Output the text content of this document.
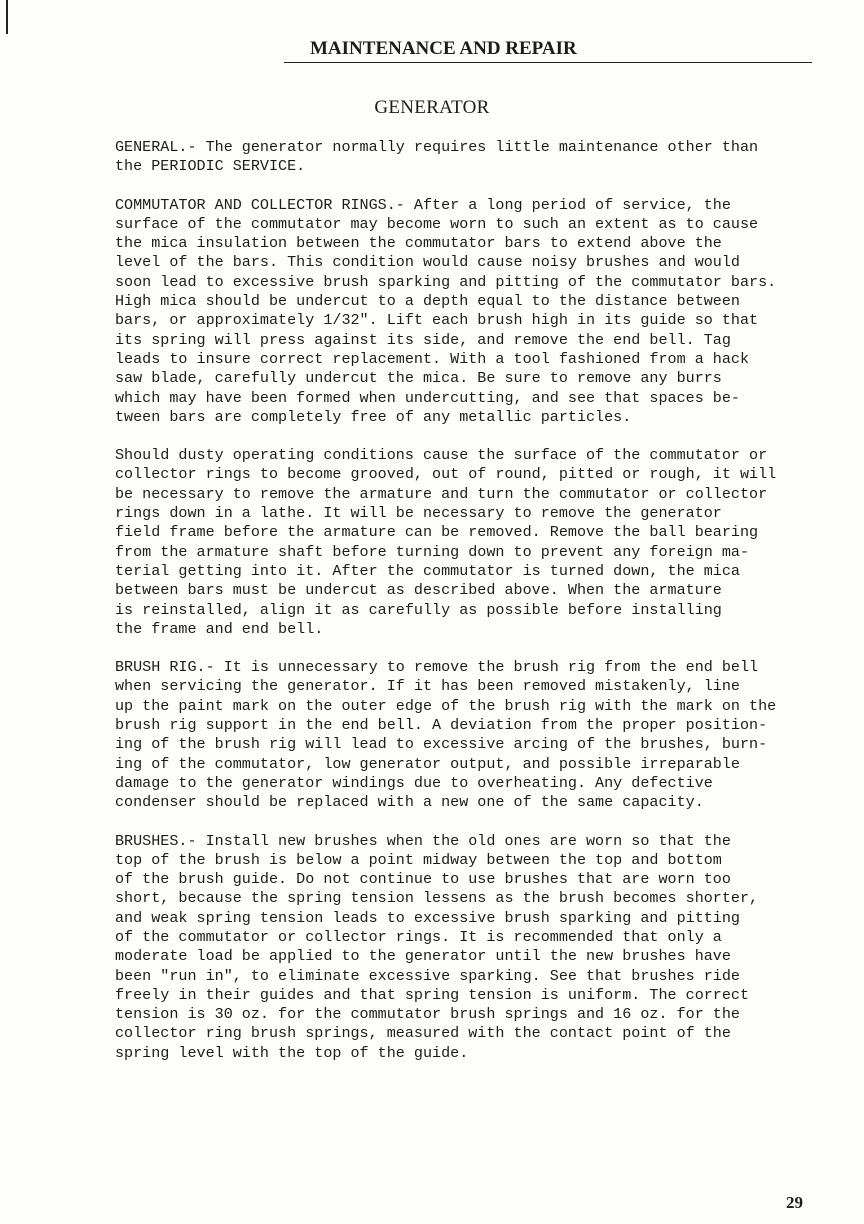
MAINTENANCE AND REPAIR
GENERATOR
GENERAL.- The generator normally requires little maintenance other than
the PERIODIC SERVICE.
COMMUTATOR AND COLLECTOR RINGS.- After a long period of service, the
surface of the commutator may become worn to such an extent as to cause
the mica insulation between the commutator bars to extend above the
level of the bars. This condition would cause noisy brushes and would
soon lead to excessive brush sparking and pitting of the commutator bars.
High mica should be undercut to a depth equal to the distance between
bars, or approximately 1/32". Lift each brush high in its guide so that
its spring will press against its side, and remove the end bell. Tag
leads to insure correct replacement. With a tool fashioned from a hack
saw blade, carefully undercut the mica. Be sure to remove any burrs
which may have been formed when undercutting, and see that spaces be-
tween bars are completely free of any metallic particles.
Should dusty operating conditions cause the surface of the commutator or
collector rings to become grooved, out of round, pitted or rough, it will
be necessary to remove the armature and turn the commutator or collector
rings down in a lathe. It will be necessary to remove the generator
field frame before the armature can be removed. Remove the ball bearing
from the armature shaft before turning down to prevent any foreign ma-
terial getting into it. After the commutator is turned down, the mica
between bars must be undercut as described above. When the armature
is reinstalled, align it as carefully as possible before installing
the frame and end bell.
BRUSH RIG.- It is unnecessary to remove the brush rig from the end bell
when servicing the generator. If it has been removed mistakenly, line
up the paint mark on the outer edge of the brush rig with the mark on the
brush rig support in the end bell. A deviation from the proper position-
ing of the brush rig will lead to excessive arcing of the brushes, burn-
ing of the commutator, low generator output, and possible irreparable
damage to the generator windings due to overheating. Any defective
condenser should be replaced with a new one of the same capacity.
BRUSHES.- Install new brushes when the old ones are worn so that the
top of the brush is below a point midway between the top and bottom
of the brush guide. Do not continue to use brushes that are worn too
short, because the spring tension lessens as the brush becomes shorter,
and weak spring tension leads to excessive brush sparking and pitting
of the commutator or collector rings. It is recommended that only a
moderate load be applied to the generator until the new brushes have
been "run in", to eliminate excessive sparking. See that brushes ride
freely in their guides and that spring tension is uniform. The correct
tension is 30 oz. for the commutator brush springs and 16 oz. for the
collector ring brush springs, measured with the contact point of the
spring level with the top of the guide.
29
